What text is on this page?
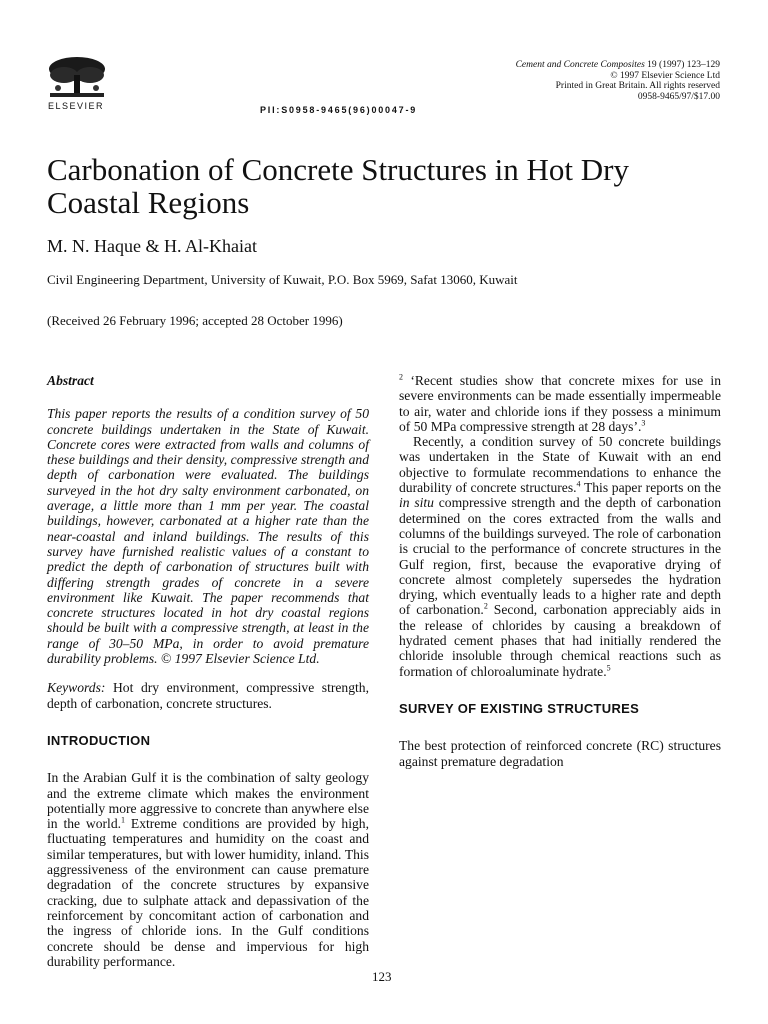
ELSEVIER	PII:S0958-9465(96)00047-9
Cement and Concrete Composites 19 (1997) 123–129
© 1997 Elsevier Science Ltd
Printed in Great Britain. All rights reserved
0958-9465/97/$17.00
Carbonation of Concrete Structures in Hot Dry Coastal Regions
M. N. Haque & H. Al-Khaiat
Civil Engineering Department, University of Kuwait, P.O. Box 5969, Safat 13060, Kuwait
(Received 26 February 1996; accepted 28 October 1996)

Abstract

This paper reports the results of a condition survey of 50 concrete buildings undertaken in the State of Kuwait. Concrete cores were extracted from walls and columns of these buildings and their density, compressive strength and depth of carbonation were evaluated. The buildings surveyed in the hot dry salty environment carbonated, on average, a little more than 1 mm per year. The coastal buildings, however, carbonated at a higher rate than the near-coastal and inland buildings. The results of this survey have furnished realistic values of a constant to predict the depth of carbonation of structures built with differing strength grades of concrete in a severe environment like Kuwait. The paper recommends that concrete structures located in hot dry coastal regions should be built with a compressive strength, at least in the range of 30–50 MPa, in order to avoid premature durability problems. © 1997 Elsevier Science Ltd.

Keywords: Hot dry environment, compressive strength, depth of carbonation, concrete structures.

INTRODUCTION

In the Arabian Gulf it is the combination of salty geology and the extreme climate which makes the environment potentially more aggressive to concrete than anywhere else in the world.$^1$ Extreme conditions are provided by high, fluctuating temperatures and humidity on the coast and similar temperatures, but with lower humidity, inland. This aggressiveness of the environment can cause premature degradation of the concrete structures by expansive cracking, due to sulphate attack and depassivation of the reinforcement by concomitant action of carbonation and the ingress of chloride ions. In the Gulf conditions concrete should be dense and impervious for high durability performance.

$^2$ ‘Recent studies show that concrete mixes for use in severe environments can be made essentially impermeable to air, water and chloride ions if they possess a minimum of 50 MPa compressive strength at 28 days’.$^3$

Recently, a condition survey of 50 concrete buildings was undertaken in the State of Kuwait with an end objective to formulate recommendations to enhance the durability of concrete structures.$^4$ This paper reports on the in situ compressive strength and the depth of carbonation determined on the cores extracted from the walls and columns of the buildings surveyed. The role of carbonation is crucial to the performance of concrete structures in the Gulf region, first, because the evaporative drying of concrete almost completely supersedes the hydration drying, which eventually leads to a higher rate and depth of carbonation.$^2$ Second, carbonation appreciably aids in the release of chlorides by causing a breakdown of hydrated cement phases that had initially rendered the chloride insoluble through chemical reactions such as formation of chloroaluminate hydrate.$^5$

SURVEY OF EXISTING STRUCTURES

The best protection of reinforced concrete (RC) structures against premature degradation

123
